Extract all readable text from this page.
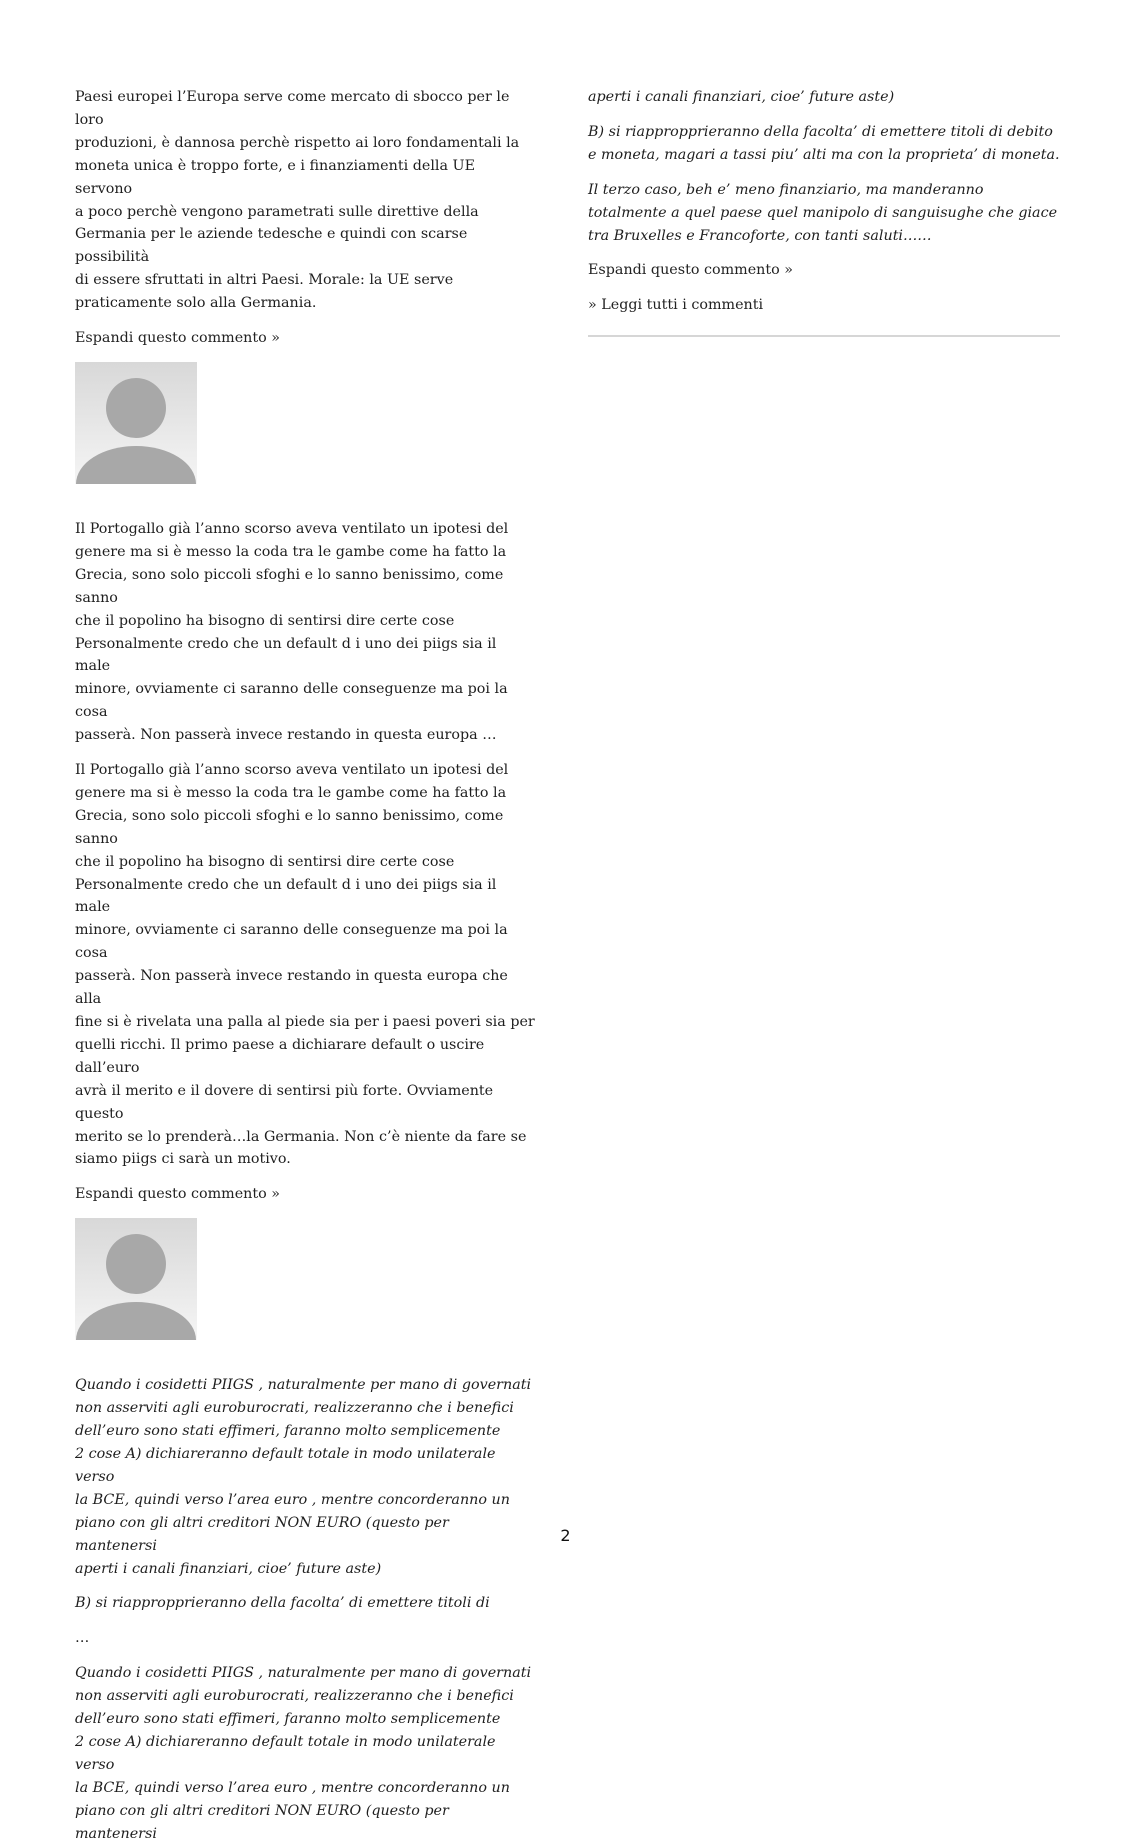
Paesi europei l’Europa serve come mercato di sbocco per le loro
produzioni, è dannosa perchè rispetto ai loro fondamentali la
moneta unica è troppo forte, e i finanziamenti della UE servono
a poco perchè vengono parametrati sulle direttive della
Germania per le aziende tedesche e quindi con scarse possibilità
di essere sfruttati in altri Paesi. Morale: la UE serve
praticamente solo alla Germania.

Espandi questo commento »

Il Portogallo già l’anno scorso aveva ventilato un ipotesi del
genere ma si è messo la coda tra le gambe come ha fatto la
Grecia, sono solo piccoli sfoghi e lo sanno benissimo, come sanno
che il popolino ha bisogno di sentirsi dire certe cose
Personalmente credo che un default d i uno dei piigs sia il male
minore, ovviamente ci saranno delle conseguenze ma poi la cosa
passerà. Non passerà invece restando in questa europa …
Il Portogallo già l’anno scorso aveva ventilato un ipotesi del
genere ma si è messo la coda tra le gambe come ha fatto la
Grecia, sono solo piccoli sfoghi e lo sanno benissimo, come sanno
che il popolino ha bisogno di sentirsi dire certe cose
Personalmente credo che un default d i uno dei piigs sia il male
minore, ovviamente ci saranno delle conseguenze ma poi la cosa
passerà. Non passerà invece restando in questa europa che alla
fine si è rivelata una palla al piede sia per i paesi poveri sia per
quelli ricchi. Il primo paese a dichiarare default o uscire dall’euro
avrà il merito e il dovere di sentirsi più forte. Ovviamente questo
merito se lo prenderà…la Germania. Non c’è niente da fare se
siamo piigs ci sarà un motivo.

Espandi questo commento »

Quando i cosidetti PIIGS , naturalmente per mano di governati
non asserviti agli euroburocrati, realizzeranno che i benefici
dell’euro sono stati effimeri, faranno molto semplicemente
2 cose A) dichiareranno default totale in modo unilaterale verso
la BCE, quindi verso l’area euro , mentre concorderanno un
piano con gli altri creditori NON EURO (questo per mantenersi
aperti i canali finanziari, cioe’ future aste)

B) si riappropprieranno della facolta’ di emettere titoli di

…

Quando i cosidetti PIIGS , naturalmente per mano di governati
non asserviti agli euroburocrati, realizzeranno che i benefici
dell’euro sono stati effimeri, faranno molto semplicemente
2 cose A) dichiareranno default totale in modo unilaterale verso
la BCE, quindi verso l’area euro , mentre concorderanno un
piano con gli altri creditori NON EURO (questo per mantenersi

aperti i canali finanziari, cioe’ future aste)

B) si riappropprieranno della facolta’ di emettere titoli di debito
e moneta, magari a tassi piu’ alti ma con la proprieta’ di moneta.
Il terzo caso, beh e’ meno finanziario, ma manderanno
totalmente a quel paese quel manipolo di sanguisughe che giace
tra Bruxelles e Francoforte, con tanti saluti……

Espandi questo commento »

» Leggi tutti i commenti

2
